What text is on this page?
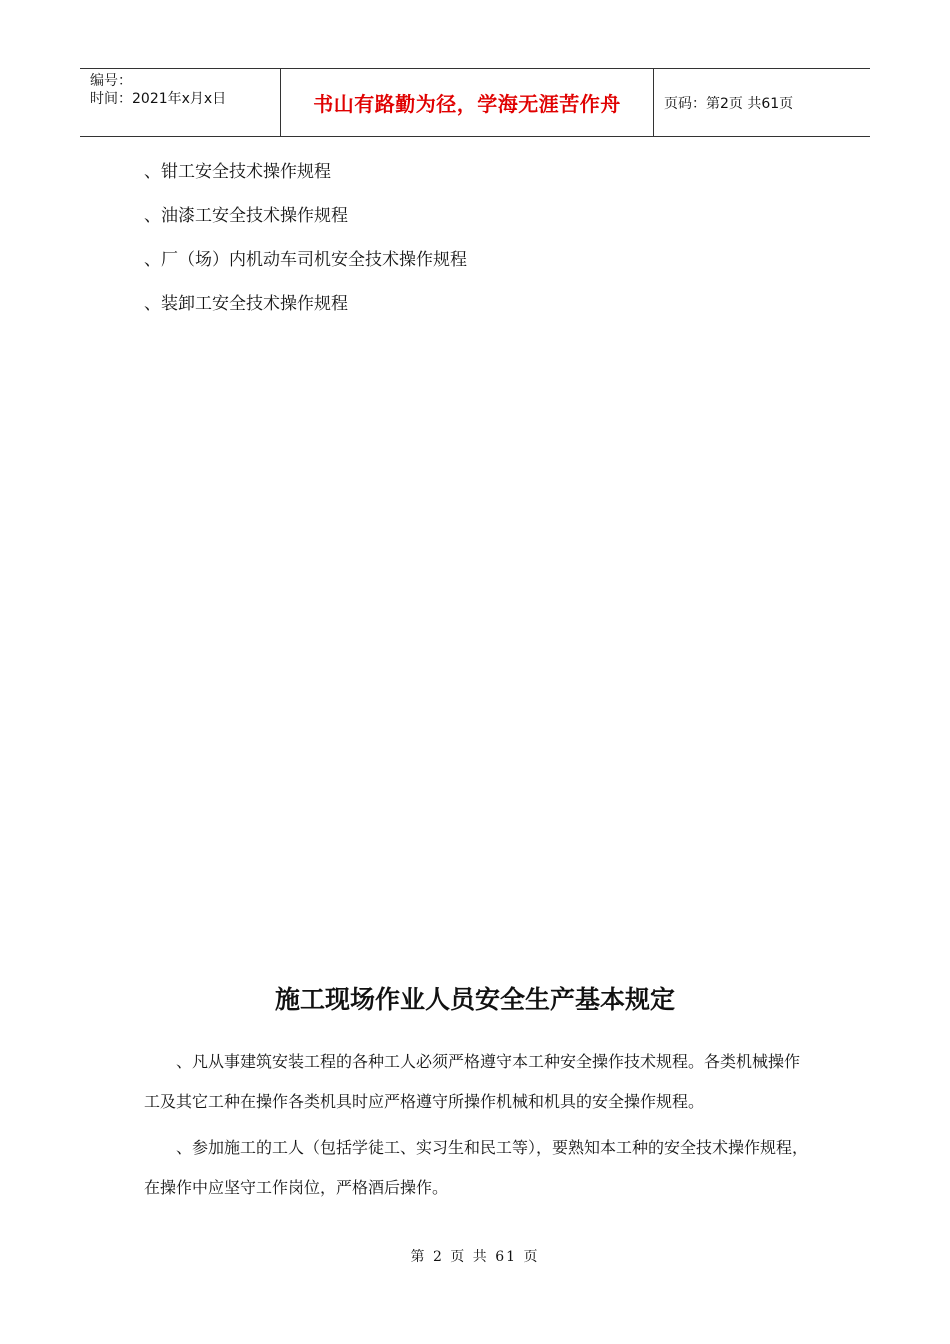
编号：
时间：2021年x月x日	书山有路勤为径，学海无涯苦作舟	页码：第2页 共61页
、钳工安全技术操作规程
、油漆工安全技术操作规程
、厂（场）内机动车司机安全技术操作规程
、装卸工安全技术操作规程
施工现场作业人员安全生产基本规定

、凡从事建筑安装工程的各种工人必须严格遵守本工种安全操作技术规程。各类机械操作工及其它工种在操作各类机具时应严格遵守所操作机械和机具的安全操作规程。

、参加施工的工人（包括学徒工、实习生和民工等），要熟知本工种的安全技术操作规程，在操作中应坚守工作岗位，严格酒后操作。

第 2 页 共 61 页
